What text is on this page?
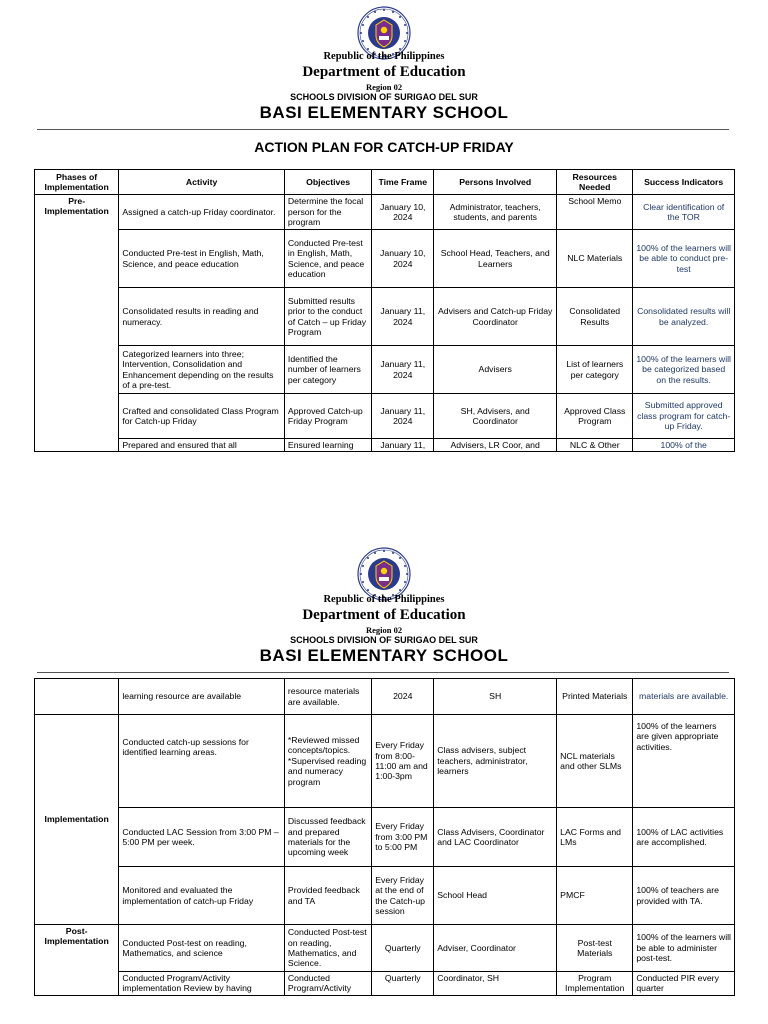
Republic of the Philippines
Department of Education
Region 02
SCHOOLS DIVISION OF SURIGAO DEL SUR
BASI ELEMENTARY SCHOOL
ACTION PLAN FOR CATCH-UP FRIDAY
Phases of Implementation	Activity	Objectives	Time Frame	Persons Involved	Resources Needed	Success Indicators
Pre-Implementation	Assigned a catch-up Friday coordinator.	Determine the focal person for the program	January 10, 2024	Administrator, teachers, students, and parents	School Memo	Clear identification of the TOR
	Conducted Pre-test in English, Math, Science, and peace education	Conducted Pre-test in English, Math, Science, and peace education	January 10, 2024	School Head, Teachers, and Learners	NLC Materials	100% of the learners will be able to conduct pre-test
	Consolidated results in reading and numeracy.	Submitted results prior to the conduct of Catch – up Friday Program	January 11, 2024	Advisers and Catch-up Friday Coordinator	Consolidated Results	Consolidated results will be analyzed.
	Categorized learners into three; Intervention, Consolidation and Enhancement depending on the results of a pre-test.	Identified the number of learners per category	January 11, 2024	Advisers	List of learners per category	100% of the learners will be categorized based on the results.
	Crafted and consolidated Class Program for Catch-up Friday	Approved Catch-up Friday Program	January 11, 2024	SH, Advisers, and Coordinator	Approved Class Program	Submitted approved class program for catch-up Friday.
	Prepared and ensured that all	Ensured learning	January 11,	Advisers, LR Coor, and	NLC & Other	100% of the
Republic of the Philippines
Department of Education
Region 02
SCHOOLS DIVISION OF SURIGAO DEL SUR
BASI ELEMENTARY SCHOOL
	learning resource are available	resource materials are available.	2024	SH	Printed Materials	materials are available.
Implementation	Conducted catch-up sessions for identified learning areas.	*Reviewed missed concepts/topics. *Supervised reading and numeracy program	Every Friday from 8:00-11:00 am and 1:00-3pm	Class advisers, subject teachers, administrator, learners	NCL materials and other SLMs	100% of the learners are given appropriate activities.
	Conducted LAC Session from 3:00 PM – 5:00 PM per week.	Discussed feedback and prepared materials for the upcoming week	Every Friday from 3:00 PM to 5:00 PM	Class Advisers, Coordinator and LAC Coordinator	LAC Forms and LMs	100% of LAC activities are accomplished.
	Monitored and evaluated the implementation of catch-up Friday	Provided feedback and TA	Every Friday at the end of the Catch-up session	School Head	PMCF	100% of teachers are provided with TA.
Post-Implementation	Conducted Post-test on reading, Mathematics, and science	Conducted Post-test on reading, Mathematics, and Science.	Quarterly	Adviser, Coordinator	Post-test Materials	100% of the learners will be able to administer post-test.
	Conducted Program/Activity implementation Review by having	Conducted Program/Activity	Quarterly	Coordinator, SH	Program Implementation	Conducted PIR every quarter
